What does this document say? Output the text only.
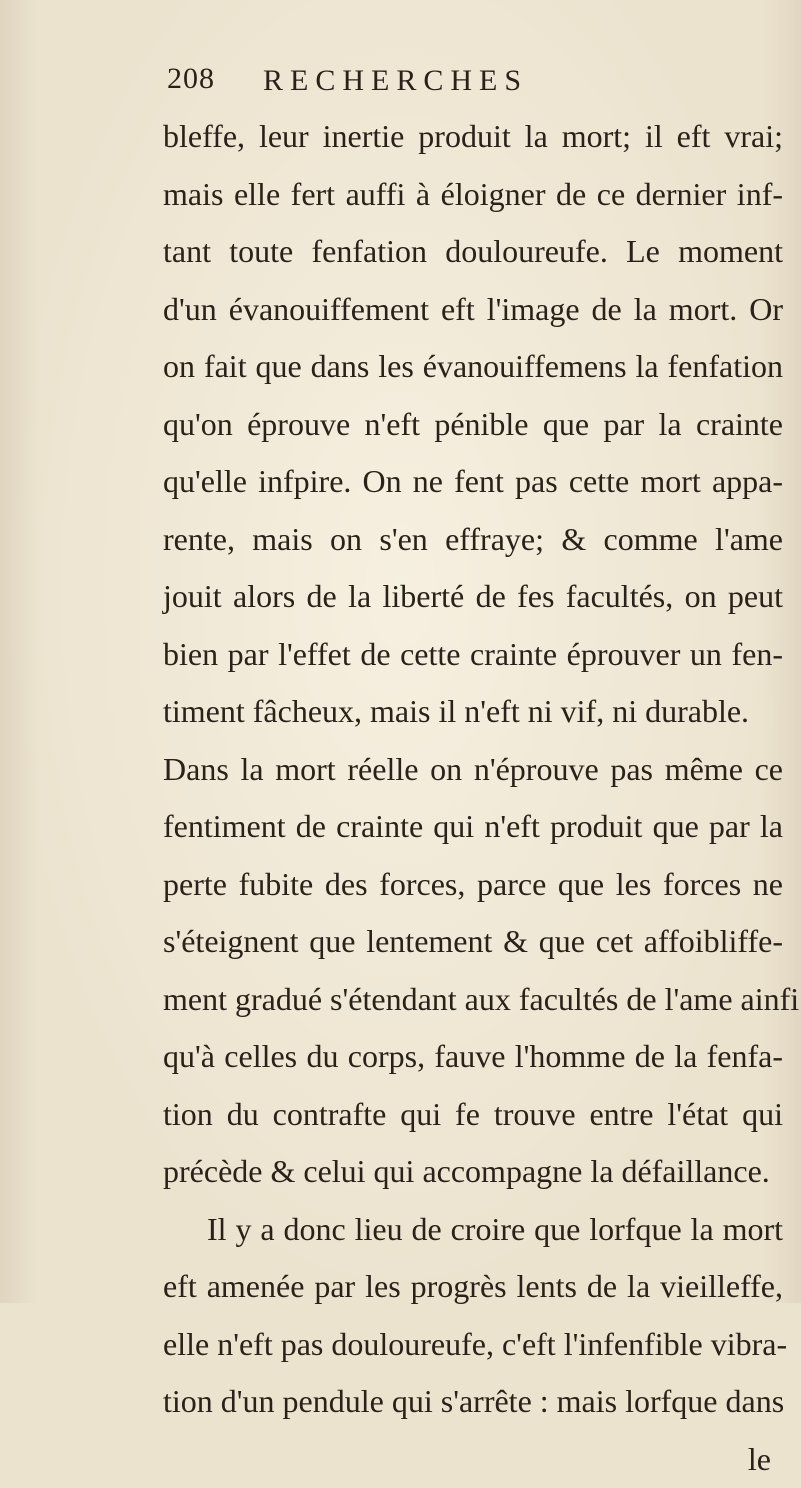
208 RECHERCHES
bleffe, leur inertie produit la mort; il eft vrai;
mais elle fert auffi à éloigner de ce dernier inf-
tant toute fenfation douloureufe. Le moment
d'un évanouiffement eft l'image de la mort. Or
on fait que dans les évanouiffemens la fenfation
qu'on éprouve n'eft pénible que par la crainte
qu'elle infpire. On ne fent pas cette mort appa-
rente, mais on s'en effraye; & comme l'ame
jouit alors de la liberté de fes facultés, on peut
bien par l'effet de cette crainte éprouver un fen-
timent fâcheux, mais il n'eft ni vif, ni durable.
Dans la mort réelle on n'éprouve pas même ce
fentiment de crainte qui n'eft produit que par la
perte fubite des forces, parce que les forces ne
s'éteignent que lentement & que cet affoibliffe-
ment gradué s'étendant aux facultés de l'ame ainfi
qu'à celles du corps, fauve l'homme de la fenfa-
tion du contrafte qui fe trouve entre l'état qui
précède & celui qui accompagne la défaillance.
Il y a donc lieu de croire que lorfque la mort
eft amenée par les progrès lents de la vieilleffe,
elle n'eft pas douloureufe, c'eft l'infenfible vibra-
tion d'un pendule qui s'arrête : mais lorfque dans
le
